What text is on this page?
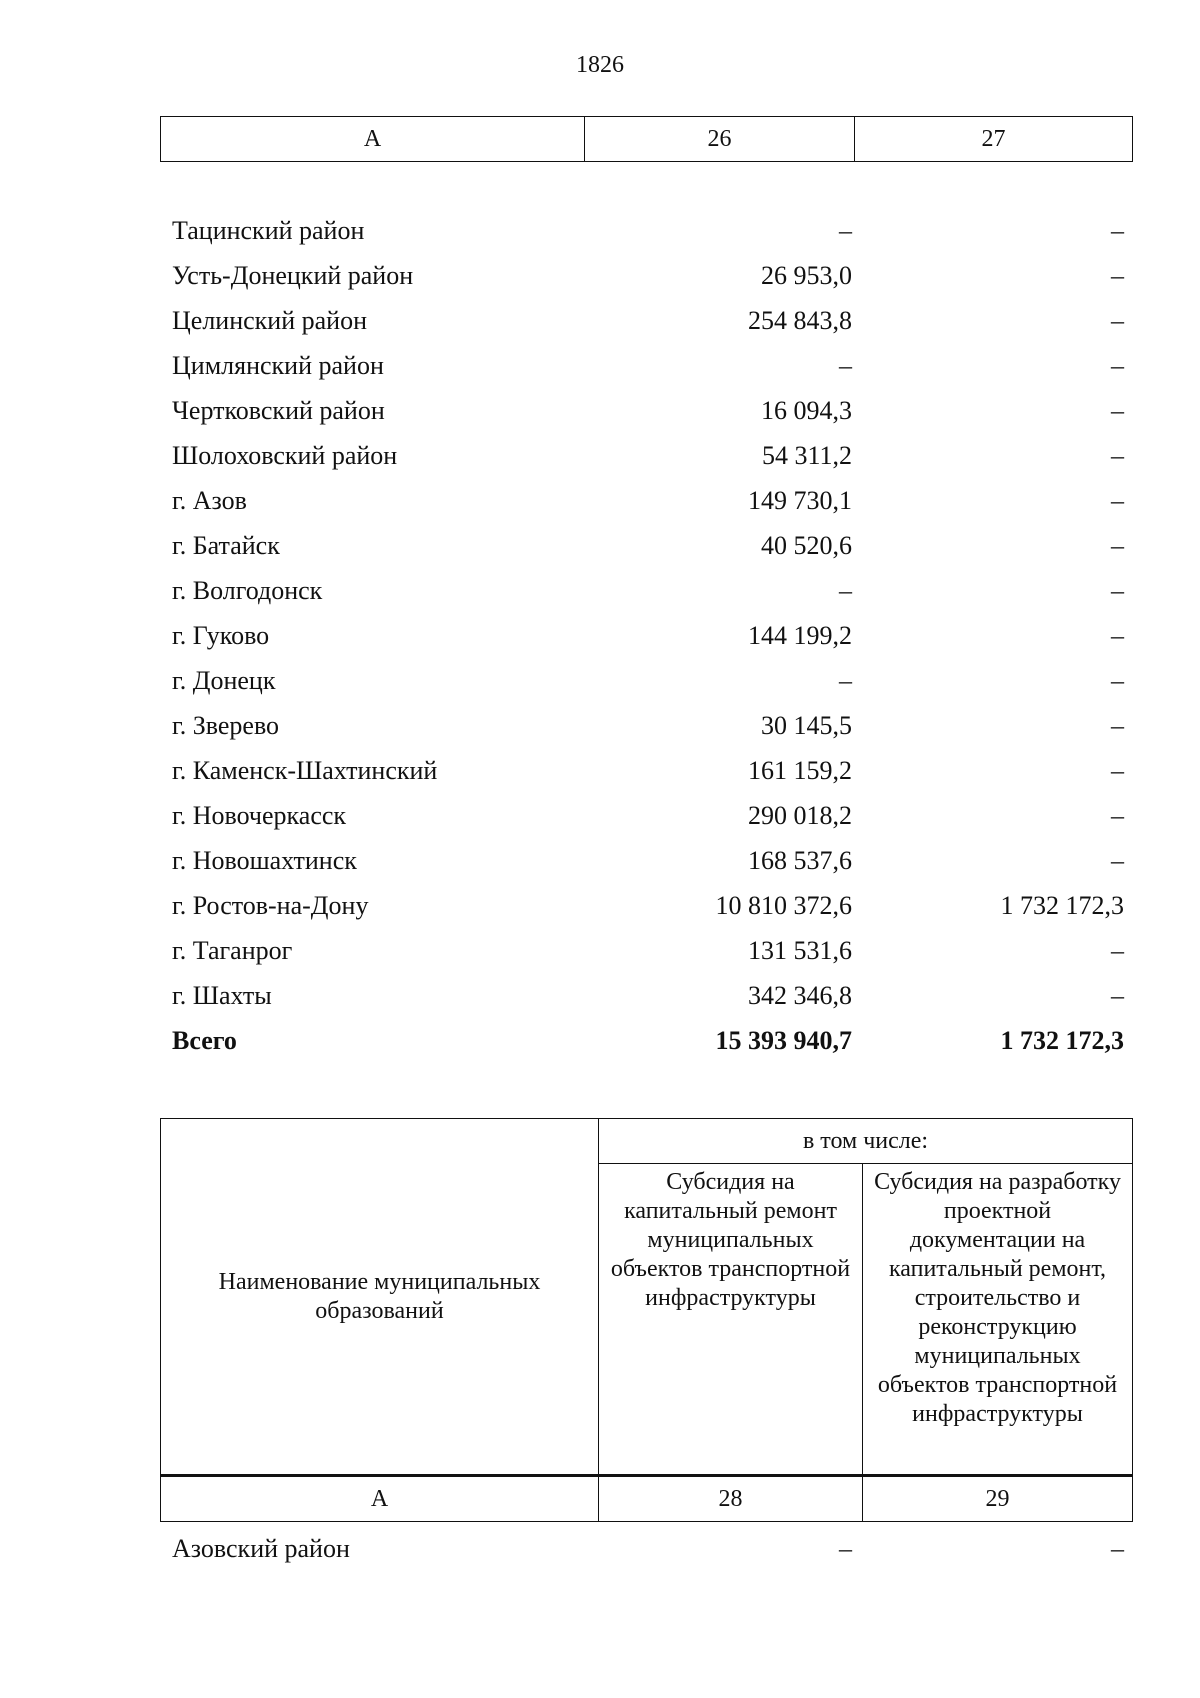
1826
А	26	27
Тацинский район	–	–
Усть-Донецкий район	26 953,0	–
Целинский район	254 843,8	–
Цимлянский район	–	–
Чертковский район	16 094,3	–
Шолоховский район	54 311,2	–
г. Азов	149 730,1	–
г. Батайск	40 520,6	–
г. Волгодонск	–	–
г. Гуково	144 199,2	–
г. Донецк	–	–
г. Зверево	30 145,5	–
г. Каменск-Шахтинский	161 159,2	–
г. Новочеркасск	290 018,2	–
г. Новошахтинск	168 537,6	–
г. Ростов-на-Дону	10 810 372,6	1 732 172,3
г. Таганрог	131 531,6	–
г. Шахты	342 346,8	–
Всего	15 393 940,7	1 732 172,3
Наименование муниципальных образований	в том числе:	
	Субсидия на капитальный ремонт муниципальных объектов транспортной инфраструктуры	Субсидия на разработку проектной документации на капитальный ремонт, строительство и реконструкцию муниципальных объектов транспортной инфраструктуры
А	28	29
Азовский район	–	–
